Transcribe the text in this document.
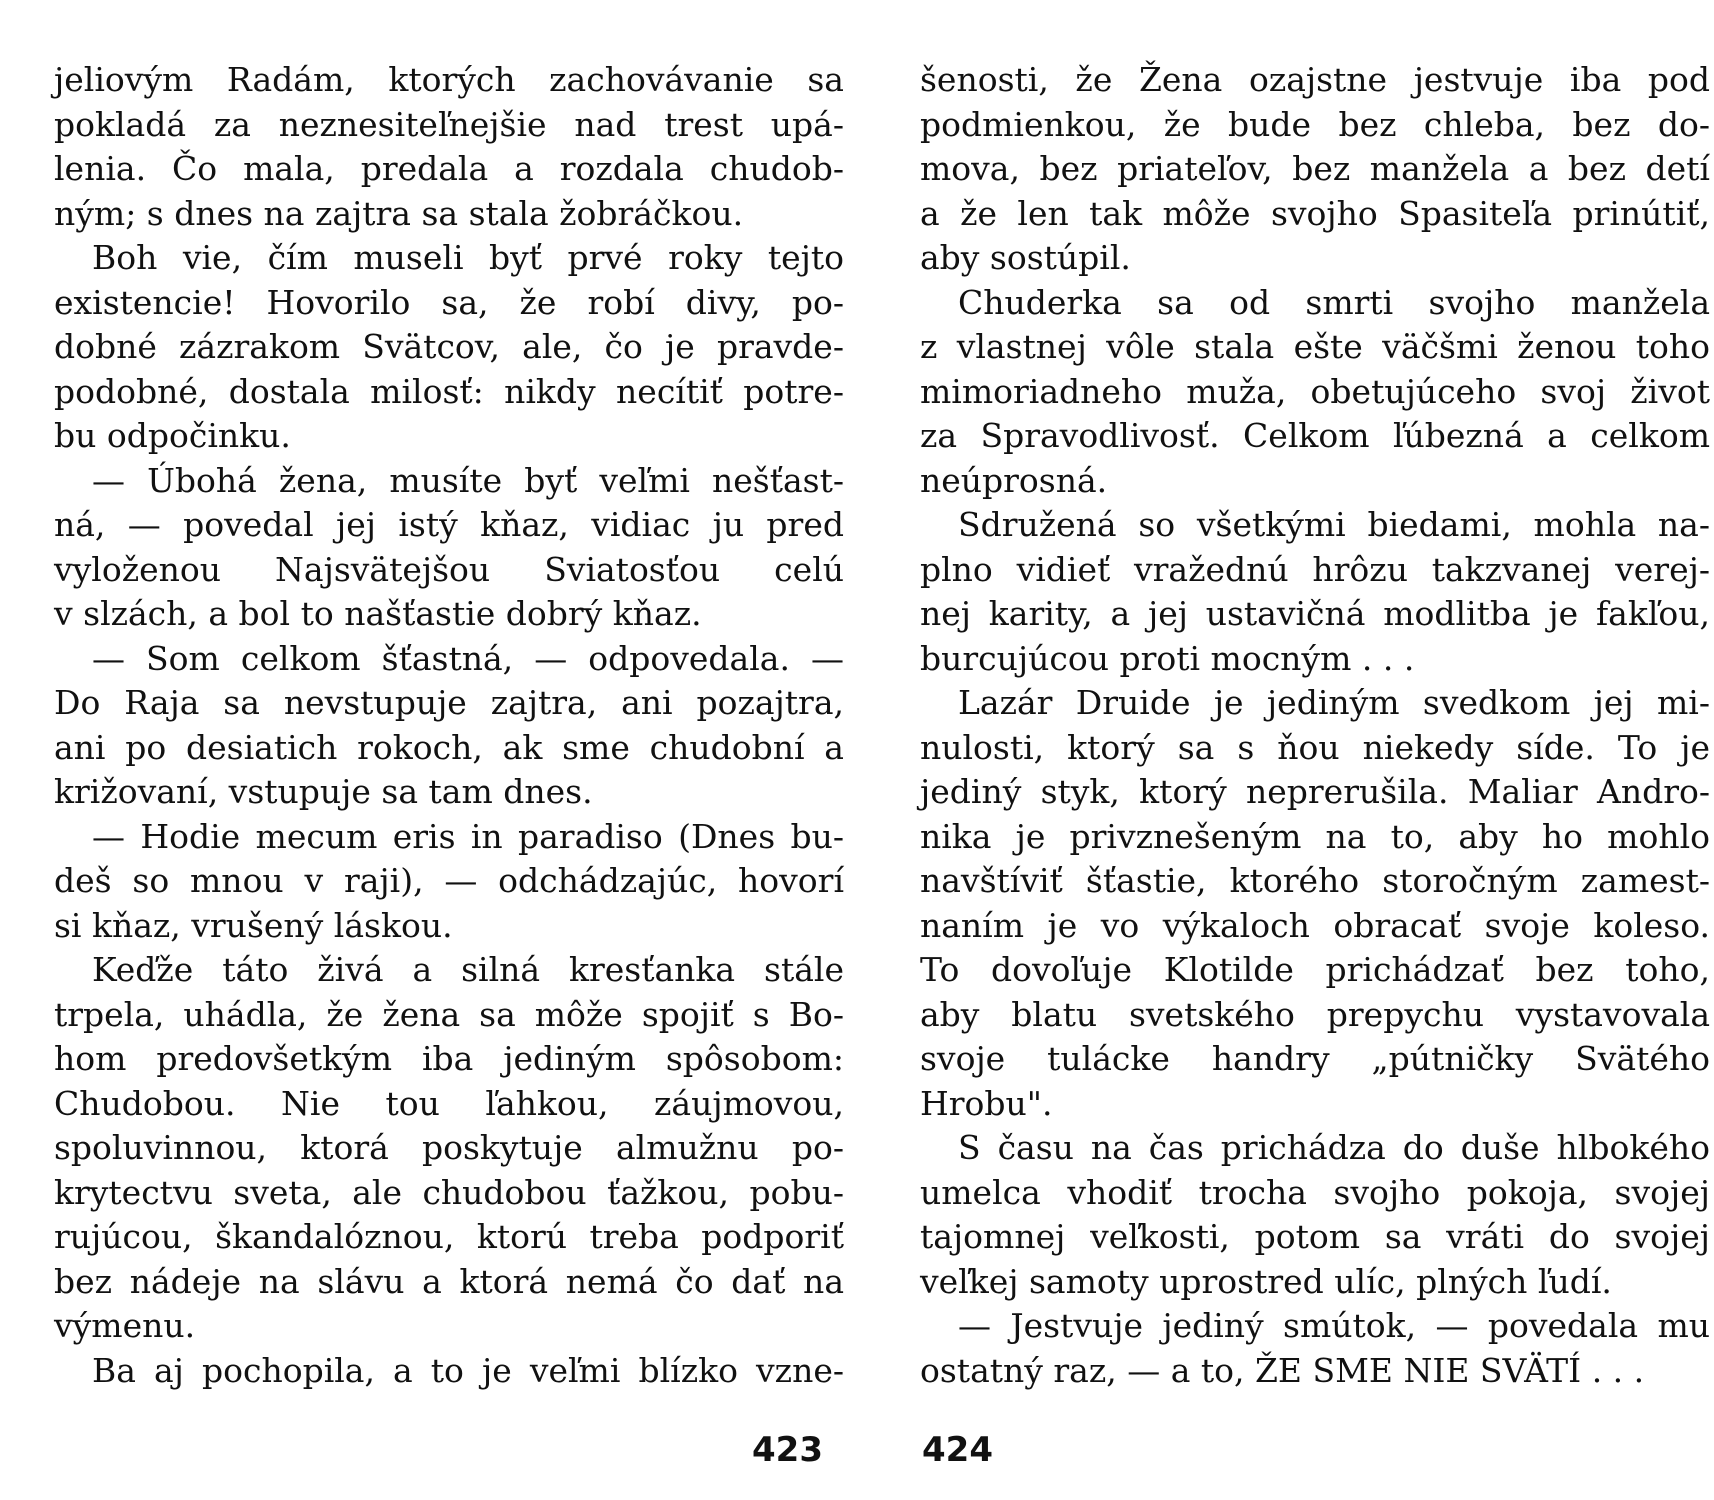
jeliovým Radám, ktorých zachovávanie sa
pokladá za neznesiteľnejšie nad trest upá-
lenia. Čo mala, predala a rozdala chudob-
ným; s dnes na zajtra sa stala žobráčkou.
Boh vie, čím museli byť prvé roky tejto
existencie! Hovorilo sa, že robí divy, po-
dobné zázrakom Svätcov, ale, čo je pravde-
podobné, dostala milosť: nikdy necítiť potre-
bu odpočinku.
— Úbohá žena, musíte byť veľmi nešťast-
ná, — povedal jej istý kňaz, vidiac ju pred
vyloženou Najsvätejšou Sviatosťou celú
v slzách, a bol to našťastie dobrý kňaz.
— Som celkom šťastná, — odpovedala. —
Do Raja sa nevstupuje zajtra, ani pozajtra,
ani po desiatich rokoch, ak sme chudobní a
križovaní, vstupuje sa tam dnes.
— Hodie mecum eris in paradiso (Dnes bu-
deš so mnou v raji), — odchádzajúc, hovorí
si kňaz, vrušený láskou.
Keďže táto živá a silná kresťanka stále
trpela, uhádla, že žena sa môže spojiť s Bo-
hom predovšetkým iba jediným spôsobom:
Chudobou. Nie tou ľahkou, záujmovou,
spoluvinnou, ktorá poskytuje almužnu po-
krytectvu sveta, ale chudobou ťažkou, pobu-
rujúcou, škandalóznou, ktorú treba podporiť
bez nádeje na slávu a ktorá nemá čo dať na
výmenu.
Ba aj pochopila, a to je veľmi blízko vzne-
šenosti, že Žena ozajstne jestvuje iba pod
podmienkou, že bude bez chleba, bez do-
mova, bez priateľov, bez manžela a bez detí
a že len tak môže svojho Spasiteľa prinútiť,
aby sostúpil.
Chuderka sa od smrti svojho manžela
z vlastnej vôle stala ešte väčšmi ženou toho
mimoriadneho muža, obetujúceho svoj život
za Spravodlivosť. Celkom ľúbezná a celkom
neúprosná.
Sdružená so všetkými biedami, mohla na-
plno vidieť vražednú hrôzu takzvanej verej-
nej karity, a jej ustavičná modlitba je fakľou,
burcujúcou proti mocným . . .
Lazár Druide je jediným svedkom jej mi-
nulosti, ktorý sa s ňou niekedy síde. To je
jediný styk, ktorý neprerušila. Maliar Andro-
nika je privznešeným na to, aby ho mohlo
navštíviť šťastie, ktorého storočným zamest-
naním je vo výkaloch obracať svoje koleso.
To dovoľuje Klotilde prichádzať bez toho,
aby blatu svetského prepychu vystavovala
svoje tulácke handry „pútničky Svätého
Hrobu".
S času na čas prichádza do duše hlbokého
umelca vhodiť trocha svojho pokoja, svojej
tajomnej veľkosti, potom sa vráti do svojej
veľkej samoty uprostred ulíc, plných ľudí.
— Jestvuje jediný smútok, — povedala mu
ostatný raz, — a to, ŽE SME NIE SVÄTÍ . . .
423	424
